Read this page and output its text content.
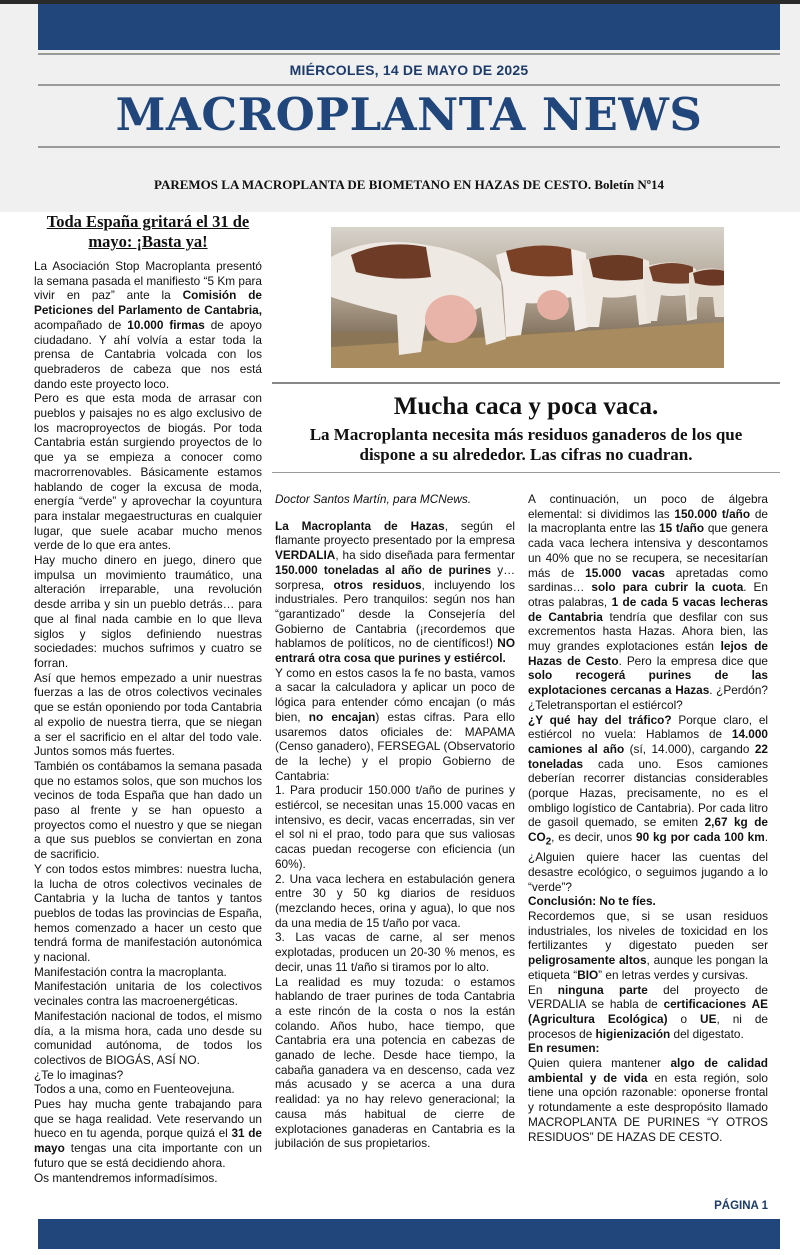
MIÉRCOLES, 14 DE MAYO DE 2025
MACROPLANTA NEWS
PAREMOS LA MACROPLANTA DE BIOMETANO EN HAZAS DE CESTO. Boletín Nº14
Toda España gritará el 31 de mayo: ¡Basta ya!

La Asociación Stop Macroplanta presentó la semana pasada el manifiesto “5 Km para vivir en paz” ante la Comisión de Peticiones del Parlamento de Cantabria, acompañado de 10.000 firmas de apoyo ciudadano. Y ahí volvía a estar toda la prensa de Cantabria volcada con los quebraderos de cabeza que nos está dando este proyecto loco.

Pero es que esta moda de arrasar con pueblos y paisajes no es algo exclusivo de los macroproyectos de biogás. Por toda Cantabria están surgiendo proyectos de lo que ya se empieza a conocer como macrorrenovables. Básicamente estamos hablando de coger la excusa de moda, energía “verde” y aprovechar la coyuntura para instalar megaestructuras en cualquier lugar, que suele acabar mucho menos verde de lo que era antes.

Hay mucho dinero en juego, dinero que impulsa un movimiento traumático, una alteración irreparable, una revolución desde arriba y sin un pueblo detrás… para que al final nada cambie en lo que lleva siglos y siglos definiendo nuestras sociedades: muchos sufrimos y cuatro se forran.

Así que hemos empezado a unir nuestras fuerzas a las de otros colectivos vecinales que se están oponiendo por toda Cantabria al expolio de nuestra tierra, que se niegan a ser el sacrificio en el altar del todo vale. Juntos somos más fuertes.

También os contábamos la semana pasada que no estamos solos, que son muchos los vecinos de toda España que han dado un paso al frente y se han opuesto a proyectos como el nuestro y que se niegan a que sus pueblos se conviertan en zona de sacrificio.

Y con todos estos mimbres: nuestra lucha, la lucha de otros colectivos vecinales de Cantabria y la lucha de tantos y tantos pueblos de todas las provincias de España, hemos comenzado a hacer un cesto que tendrá forma de manifestación autonómica y nacional.

Manifestación contra la macroplanta.

Manifestación unitaria de los colectivos vecinales contra las macroenergéticas.

Manifestación nacional de todos, el mismo día, a la misma hora, cada uno desde su comunidad autónoma, de todos los colectivos de BIOGÁS, ASÍ NO.

¿Te lo imaginas?

Todos a una, como en Fuenteovejuna.

Pues hay mucha gente trabajando para que se haga realidad. Vete reservando un hueco en tu agenda, porque quizá el 31 de mayo tengas una cita importante con un futuro que se está decidiendo ahora.

Os mantendremos informadísimos.

Mucha caca y poca vaca.
La Macroplanta necesita más residuos ganaderos de los que dispone a su alrededor. Las cifras no cuadran.

Doctor Santos Martín, para MCNews.

La Macroplanta de Hazas, según el flamante proyecto presentado por la empresa VERDALIA, ha sido diseñada para fermentar 150.000 toneladas al año de purines y… sorpresa, otros residuos, incluyendo los industriales. Pero tranquilos: según nos han “garantizado” desde la Consejería del Gobierno de Cantabria (¡recordemos que hablamos de políticos, no de científicos!) NO entrará otra cosa que purines y estiércol.

Y como en estos casos la fe no basta, vamos a sacar la calculadora y aplicar un poco de lógica para entender cómo encajan (o más bien, no encajan) estas cifras. Para ello usaremos datos oficiales de: MAPAMA (Censo ganadero), FERSEGAL (Observatorio de la leche) y el propio Gobierno de Cantabria:

1. Para producir 150.000 t/año de purines y estiércol, se necesitan unas 15.000 vacas en intensivo, es decir, vacas encerradas, sin ver el sol ni el prao, todo para que sus valiosas cacas puedan recogerse con eficiencia (un 60%).

2. Una vaca lechera en estabulación genera entre 30 y 50 kg diarios de residuos (mezclando heces, orina y agua), lo que nos da una media de 15 t/año por vaca.

3. Las vacas de carne, al ser menos explotadas, producen un 20-30 % menos, es decir, unas 11 t/año si tiramos por lo alto.

La realidad es muy tozuda: o estamos hablando de traer purines de toda Cantabria a este rincón de la costa o nos la están colando. Años hubo, hace tiempo, que Cantabria era una potencia en cabezas de ganado de leche. Desde hace tiempo, la cabaña ganadera va en descenso, cada vez más acusado y se acerca a una dura realidad: ya no hay relevo generacional; la causa más habitual de cierre de explotaciones ganaderas en Cantabria es la jubilación de sus propietarios.

A continuación, un poco de álgebra elemental: si dividimos las 150.000 t/año de la macroplanta entre las 15 t/año que genera cada vaca lechera intensiva y descontamos un 40% que no se recupera, se necesitarían más de 15.000 vacas apretadas como sardinas… solo para cubrir la cuota. En otras palabras, 1 de cada 5 vacas lecheras de Cantabria tendría que desfilar con sus excrementos hasta Hazas. Ahora bien, las muy grandes explotaciones están lejos de Hazas de Cesto. Pero la empresa dice que solo recogerá purines de las explotaciones cercanas a Hazas. ¿Perdón? ¿Teletransportan el estiércol?

¿Y qué hay del tráfico? Porque claro, el estiércol no vuela: Hablamos de 14.000 camiones al año (sí, 14.000), cargando 22 toneladas cada uno. Esos camiones deberían recorrer distancias considerables (porque Hazas, precisamente, no es el ombligo logístico de Cantabria). Por cada litro de gasoil quemado, se emiten 2,67 kg de $CO_2$, es decir, unos 90 kg por cada 100 km. ¿Alguien quiere hacer las cuentas del desastre ecológico, o seguimos jugando a lo “verde”?

Conclusión: No te fíes.

Recordemos que, si se usan residuos industriales, los niveles de toxicidad en los fertilizantes y digestato pueden ser peligrosamente altos, aunque les pongan la etiqueta “BIO” en letras verdes y cursivas.

En ninguna parte del proyecto de VERDALIA se habla de certificaciones AE (Agricultura Ecológica) o UE, ni de procesos de higienización del digestato.

En resumen:

Quien quiera mantener algo de calidad ambiental y de vida en esta región, solo tiene una opción razonable: oponerse frontal y rotundamente a este despropósito llamado MACROPLANTA DE PURINES “Y OTROS RESIDUOS” DE HAZAS DE CESTO.

PÁGINA 1
